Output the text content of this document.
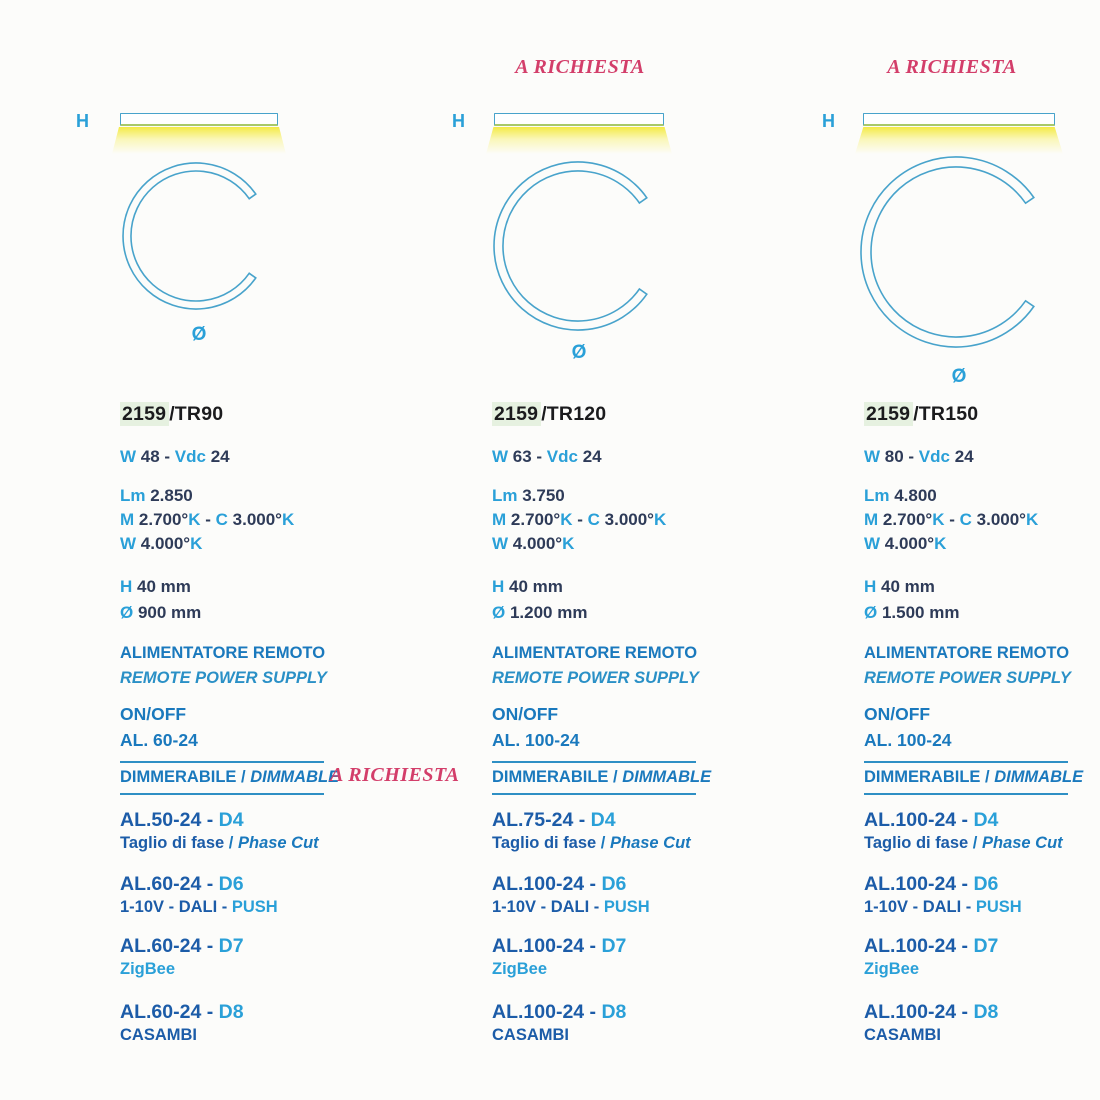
H
Ø
2159 /TR90
W 48 - Vdc 24
Lm 2.850
M 2.700°K - C 3.000°K
W 4.000°K
H 40 mm
Ø 900 mm
ALIMENTATORE REMOTO
REMOTE POWER SUPPLY
ON/OFF
AL. 60-24
DIMMERABILE / DIMMABLE
A RICHIESTA
AL.50-24 - D4
Taglio di fase / Phase Cut
AL.60-24 - D6
1-10V - DALI - PUSH
AL.60-24 - D7
ZigBee
AL.60-24 - D8
CASAMBI
A RICHIESTA
H
Ø
2159 /TR120
W 63 - Vdc 24
Lm 3.750
M 2.700°K - C 3.000°K
W 4.000°K
H 40 mm
Ø 1.200 mm
ALIMENTATORE REMOTO
REMOTE POWER SUPPLY
ON/OFF
AL. 100-24
DIMMERABILE / DIMMABLE
AL.75-24 - D4
Taglio di fase / Phase Cut
AL.100-24 - D6
1-10V - DALI - PUSH
AL.100-24 - D7
ZigBee
AL.100-24 - D8
CASAMBI
A RICHIESTA
H
Ø
2159 /TR150
W 80 - Vdc 24
Lm 4.800
M 2.700°K - C 3.000°K
W 4.000°K
H 40 mm
Ø 1.500 mm
ALIMENTATORE REMOTO
REMOTE POWER SUPPLY
ON/OFF
AL. 100-24
DIMMERABILE / DIMMABLE
AL.100-24 - D4
Taglio di fase / Phase Cut
AL.100-24 - D6
1-10V - DALI - PUSH
AL.100-24 - D7
ZigBee
AL.100-24 - D8
CASAMBI
